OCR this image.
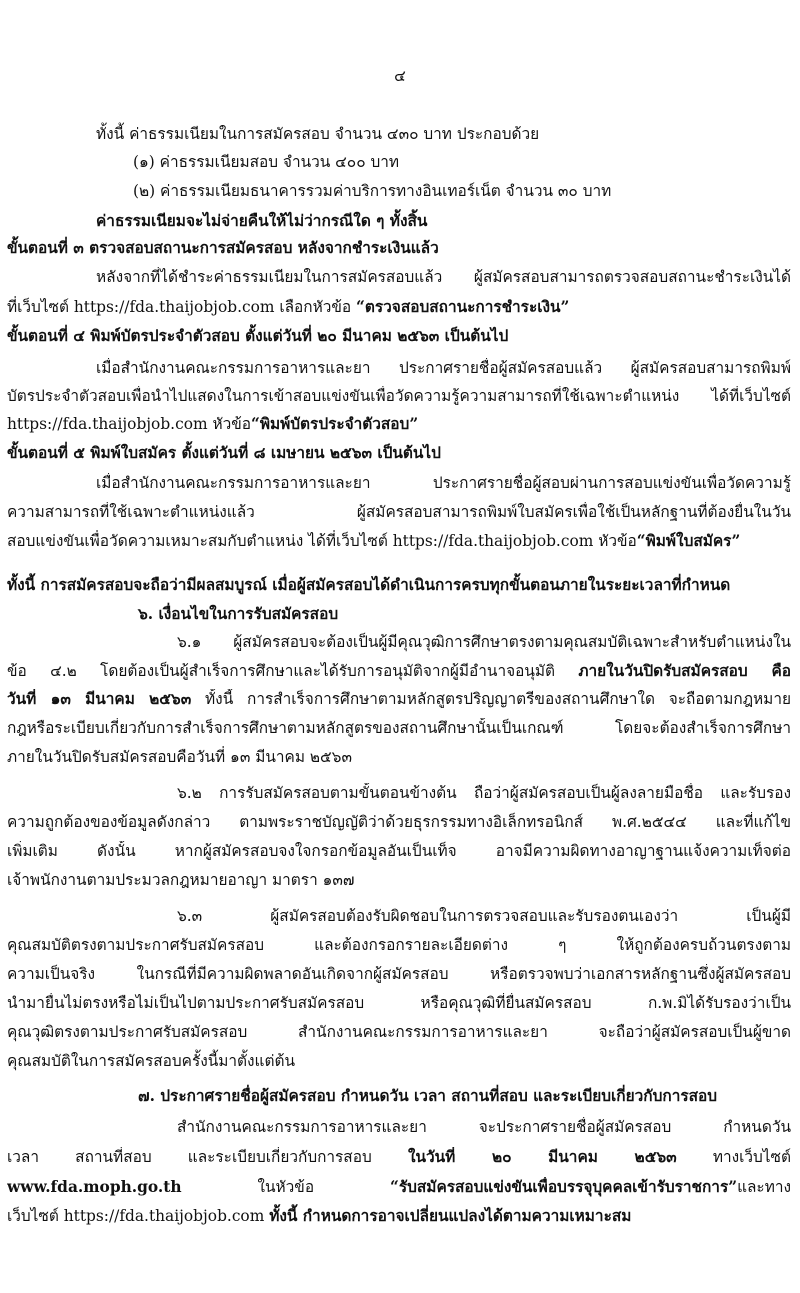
๔
ทั้งนี้ ค่าธรรมเนียมในการสมัครสอบ จำนวน ๔๓๐ บาท ประกอบด้วย
(๑) ค่าธรรมเนียมสอบ จำนวน ๔๐๐ บาท
(๒) ค่าธรรมเนียมธนาคารรวมค่าบริการทางอินเทอร์เน็ต จำนวน ๓๐ บาท
ค่าธรรมเนียมจะไม่จ่ายคืนให้ไม่ว่ากรณีใด ๆ ทั้งสิ้น
ขั้นตอนที่ ๓ ตรวจสอบสถานะการสมัครสอบ หลังจากชำระเงินแล้ว
หลังจากที่ได้ชำระค่าธรรมเนียมในการสมัครสอบแล้ว ผู้สมัครสอบสามารถตรวจสอบสถานะชำระเงินได้
ที่เว็บไซต์ https://fda.thaijobjob.com เลือกหัวข้อ “ตรวจสอบสถานะการชำระเงิน”
ขั้นตอนที่ ๔ พิมพ์บัตรประจำตัวสอบ ตั้งแต่วันที่ ๒๐ มีนาคม ๒๕๖๓ เป็นต้นไป
เมื่อสำนักงานคณะกรรมการอาหารและยา ประกาศรายชื่อผู้สมัครสอบแล้ว ผู้สมัครสอบสามารถพิมพ์
บัตรประจำตัวสอบเพื่อนำไปแสดงในการเข้าสอบแข่งขันเพื่อวัดความรู้ความสามารถที่ใช้เฉพาะตำแหน่ง ได้ที่เว็บไซต์
https://fda.thaijobjob.com หัวข้อ“พิมพ์บัตรประจำตัวสอบ”
ขั้นตอนที่ ๕ พิมพ์ใบสมัคร ตั้งแต่วันที่ ๘ เมษายน ๒๕๖๓ เป็นต้นไป
เมื่อสำนักงานคณะกรรมการอาหารและยา ประกาศรายชื่อผู้สอบผ่านการสอบแข่งขันเพื่อวัดความรู้
ความสามารถที่ใช้เฉพาะตำแหน่งแล้ว ผู้สมัครสอบสามารถพิมพ์ใบสมัครเพื่อใช้เป็นหลักฐานที่ต้องยื่นในวัน
สอบแข่งขันเพื่อวัดความเหมาะสมกับตำแหน่ง ได้ที่เว็บไซต์ https://fda.thaijobjob.com หัวข้อ“พิมพ์ใบสมัคร”
ทั้งนี้ การสมัครสอบจะถือว่ามีผลสมบูรณ์ เมื่อผู้สมัครสอบได้ดำเนินการครบทุกขั้นตอนภายในระยะเวลาที่กำหนด
๖. เงื่อนไขในการรับสมัครสอบ
๖.๑ ผู้สมัครสอบจะต้องเป็นผู้มีคุณวุฒิการศึกษาตรงตามคุณสมบัติเฉพาะสำหรับตำแหน่งใน
ข้อ ๔.๒ โดยต้องเป็นผู้สำเร็จการศึกษาและได้รับการอนุมัติจากผู้มีอำนาจอนุมัติ ภายในวันปิดรับสมัครสอบ คือ
วันที่ ๑๓ มีนาคม ๒๕๖๓ ทั้งนี้ การสำเร็จการศึกษาตามหลักสูตรปริญญาตรีของสถานศึกษาใด จะถือตามกฎหมาย
กฎหรือระเบียบเกี่ยวกับการสำเร็จการศึกษาตามหลักสูตรของสถานศึกษานั้นเป็นเกณฑ์ โดยจะต้องสำเร็จการศึกษา
ภายในวันปิดรับสมัครสอบคือวันที่ ๑๓ มีนาคม ๒๕๖๓
๖.๒ การรับสมัครสอบตามขั้นตอนข้างต้น ถือว่าผู้สมัครสอบเป็นผู้ลงลายมือชื่อ และรับรอง
ความถูกต้องของข้อมูลดังกล่าว ตามพระราชบัญญัติว่าด้วยธุรกรรมทางอิเล็กทรอนิกส์ พ.ศ.๒๕๔๔ และที่แก้ไข
เพิ่มเติม ดังนั้น หากผู้สมัครสอบจงใจกรอกข้อมูลอันเป็นเท็จ อาจมีความผิดทางอาญาฐานแจ้งความเท็จต่อ
เจ้าพนักงานตามประมวลกฎหมายอาญา มาตรา ๑๓๗
๖.๓ ผู้สมัครสอบต้องรับผิดชอบในการตรวจสอบและรับรองตนเองว่า เป็นผู้มี
คุณสมบัติตรงตามประกาศรับสมัครสอบ และต้องกรอกรายละเอียดต่าง ๆ ให้ถูกต้องครบถ้วนตรงตาม
ความเป็นจริง ในกรณีที่มีความผิดพลาดอันเกิดจากผู้สมัครสอบ หรือตรวจพบว่าเอกสารหลักฐานซึ่งผู้สมัครสอบ
นำมายื่นไม่ตรงหรือไม่เป็นไปตามประกาศรับสมัครสอบ หรือคุณวุฒิที่ยื่นสมัครสอบ ก.พ.มิได้รับรองว่าเป็น
คุณวุฒิตรงตามประกาศรับสมัครสอบ สำนักงานคณะกรรมการอาหารและยา จะถือว่าผู้สมัครสอบเป็นผู้ขาด
คุณสมบัติในการสมัครสอบครั้งนี้มาตั้งแต่ต้น
๗. ประกาศรายชื่อผู้สมัครสอบ กำหนดวัน เวลา สถานที่สอบ และระเบียบเกี่ยวกับการสอบ
สำนักงานคณะกรรมการอาหารและยา จะประกาศรายชื่อผู้สมัครสอบ กำหนดวัน
เวลา สถานที่สอบ และระเบียบเกี่ยวกับการสอบ ในวันที่ ๒๐ มีนาคม ๒๕๖๓ ทางเว็บไซต์
www.fda.moph.go.th ในหัวข้อ “รับสมัครสอบแข่งขันเพื่อบรรจุบุคคลเข้ารับราชการ”และทาง
เว็บไซต์ https://fda.thaijobjob.com ทั้งนี้ กำหนดการอาจเปลี่ยนแปลงได้ตามความเหมาะสม
